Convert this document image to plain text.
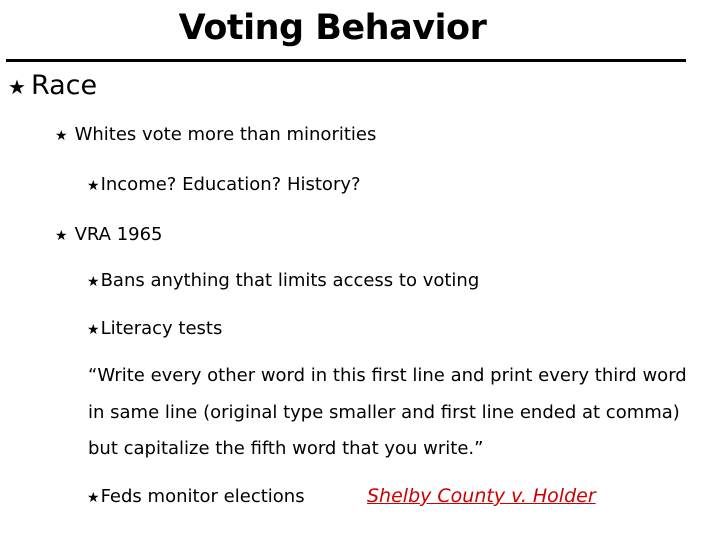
Voting Behavior
★ Race
★ Whites vote more than minorities
★ Income? Education? History?
★ VRA 1965
★ Bans anything that limits access to voting
★ Literacy tests
“Write every other word in this first line and print every third word
in same line (original type smaller and first line ended at comma)
but capitalize the fifth word that you write.”
★ Feds monitor elections	Shelby County v. Holder
